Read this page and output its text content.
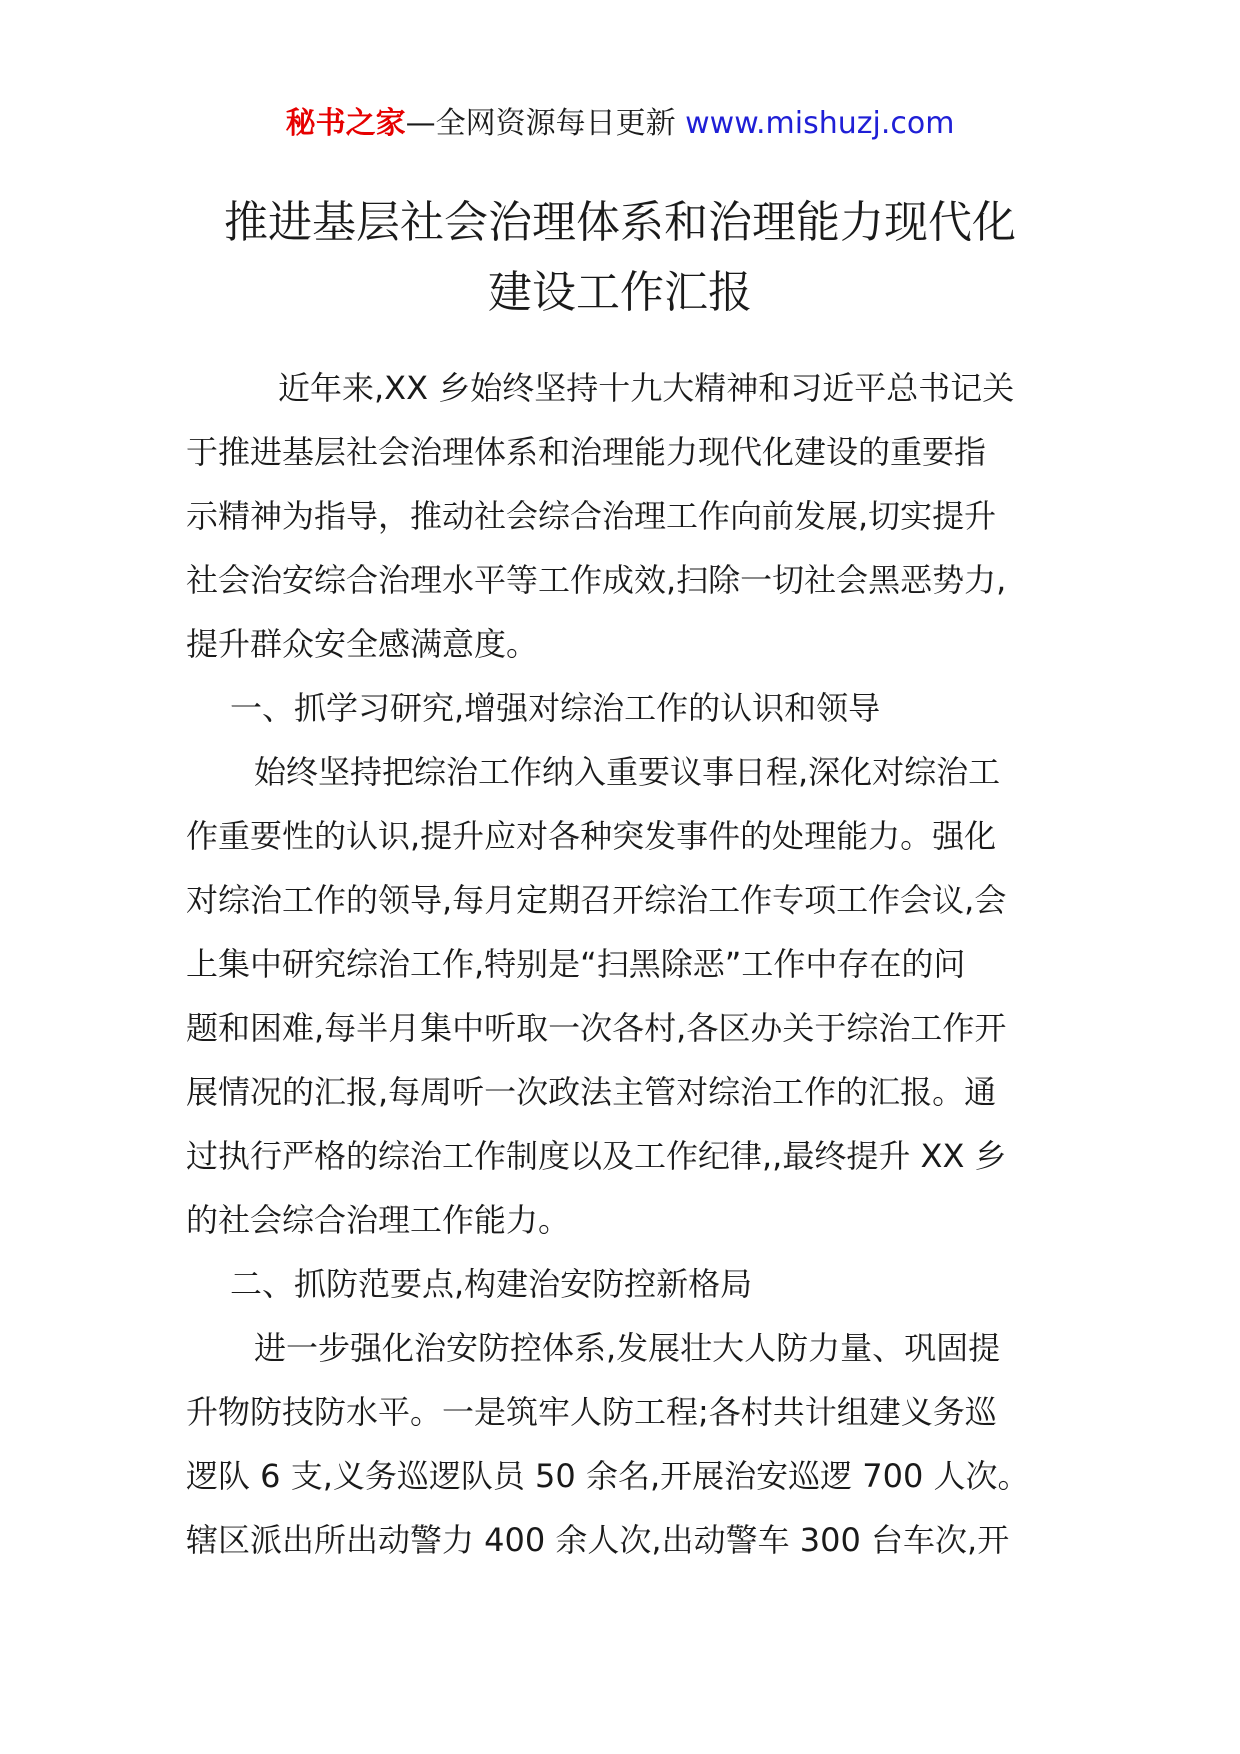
秘书之家—全网资源每日更新 www.mishuzj.com
推进基层社会治理体系和治理能力现代化
建设工作汇报

近年来,XX 乡始终坚持十九大精神和习近平总书记关
于推进基层社会治理体系和治理能力现代化建设的重要指
示精神为指导，推动社会综合治理工作向前发展,切实提升
社会治安综合治理水平等工作成效,扫除一切社会黑恶势力,
提升群众安全感满意度。

一、抓学习研究,增强对综治工作的认识和领导

始终坚持把综治工作纳入重要议事日程,深化对综治工
作重要性的认识,提升应对各种突发事件的处理能力。强化
对综治工作的领导,每月定期召开综治工作专项工作会议,会
上集中研究综治工作,特别是“扫黑除恶”工作中存在的问
题和困难,每半月集中听取一次各村,各区办关于综治工作开
展情况的汇报,每周听一次政法主管对综治工作的汇报。通
过执行严格的综治工作制度以及工作纪律,,最终提升 XX 乡
的社会综合治理工作能力。

二、抓防范要点,构建治安防控新格局

进一步强化治安防控体系,发展壮大人防力量、巩固提
升物防技防水平。一是筑牢人防工程;各村共计组建义务巡
逻队 6 支,义务巡逻队员 50 余名,开展治安巡逻 700 人次。
辖区派出所出动警力 400 余人次,出动警车 300 台车次,开
